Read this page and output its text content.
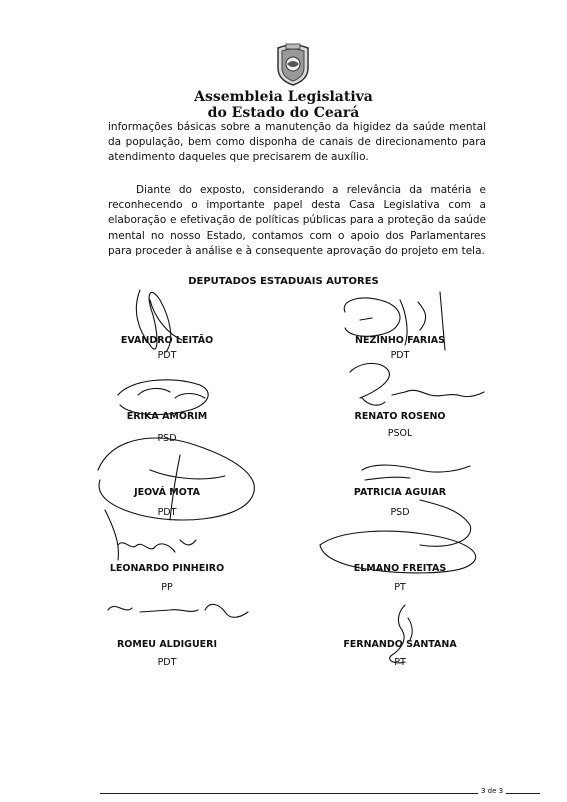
Assembleia Legislativa
do Estado do Ceará
informações básicas sobre a manutenção da higidez da saúde mental da população, bem como disponha de canais de direcionamento para atendimento daqueles que precisarem de auxílio.
Diante do exposto, considerando a relevância da matéria e reconhecendo o importante papel desta Casa Legislativa com a elaboração e efetivação de políticas públicas para a proteção da saúde mental no nosso Estado, contamos com o apoio dos Parlamentares para proceder à análise e à consequente aprovação do projeto em tela.
DEPUTADOS ESTADUAIS AUTORES
EVANDRO LEITÃO
PDT
ÉRIKA AMORIM
PSD
JEOVÁ MOTA
PDT
LEONARDO PINHEIRO
PP
ROMEU ALDIGUERI
PDT
NEZINHO FARIAS
PDT
RENATO ROSENO
PSOL
PATRICIA AGUIAR
PSD
ELMANO FREITAS
PT
FERNANDO SANTANA
PT
3 de 3
